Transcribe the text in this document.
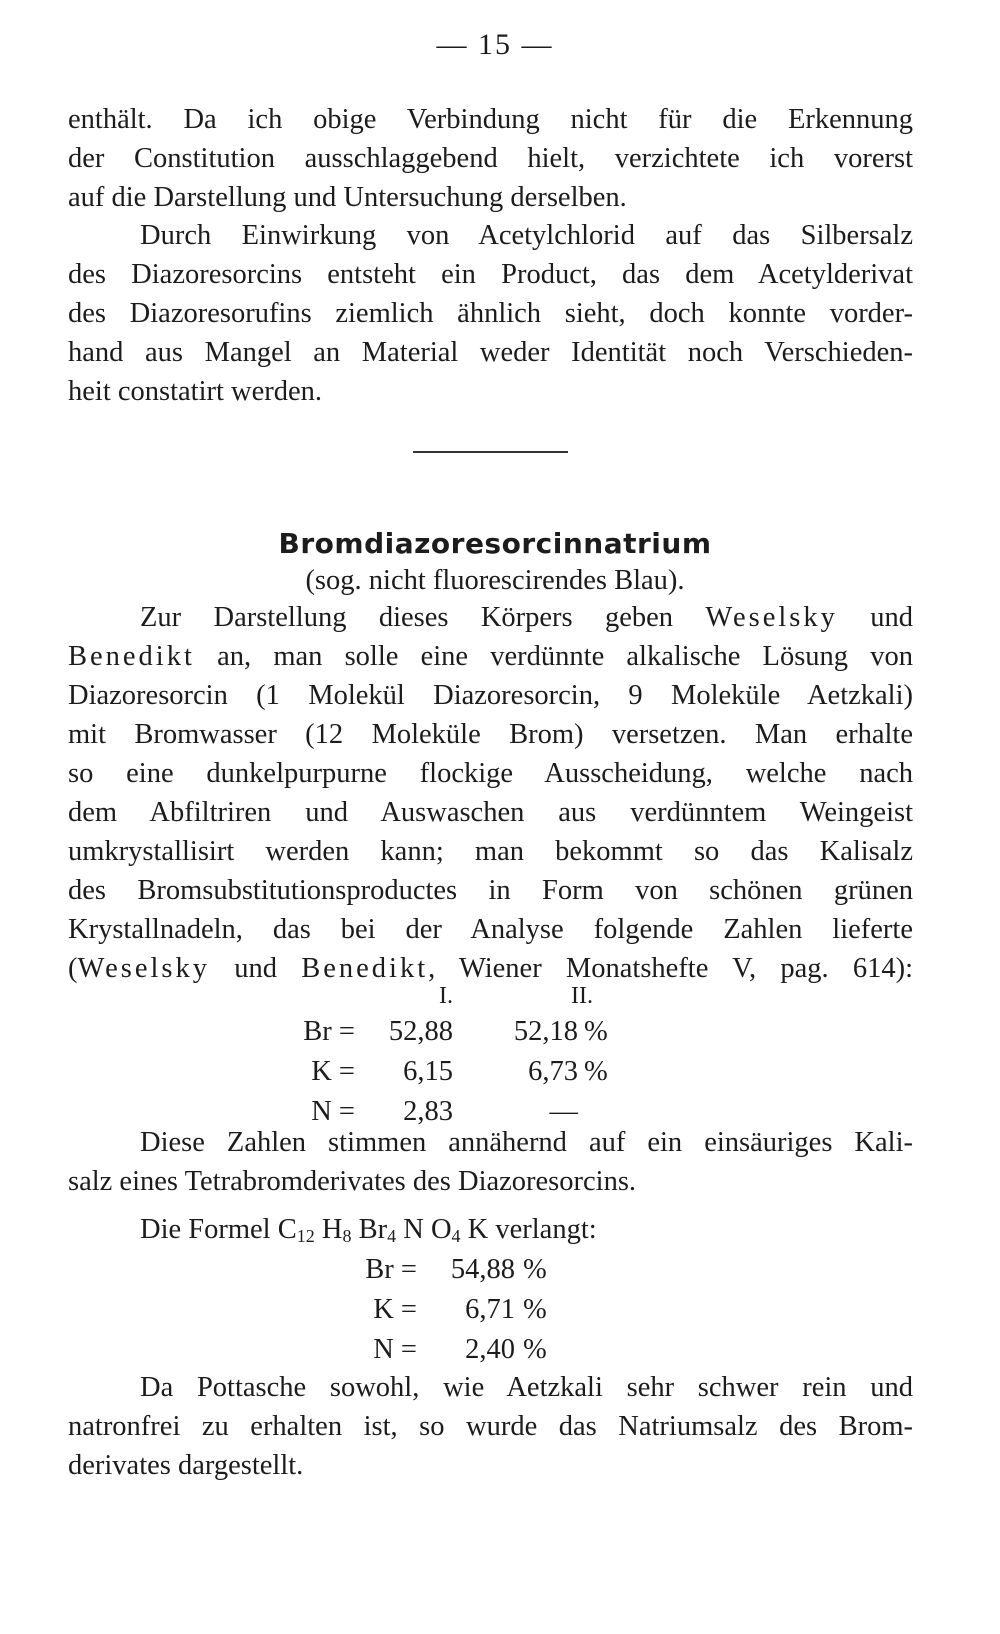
— 15 —
enthält. Da ich obige Verbindung nicht für die Erkennung
der Constitution ausschlaggebend hielt, verzichtete ich vorerst
auf die Darstellung und Untersuchung derselben.
Durch Einwirkung von Acetylchlorid auf das Silbersalz
des Diazoresorcins entsteht ein Product, das dem Acetylderivat
des Diazoresorufins ziemlich ähnlich sieht, doch konnte vorder-
hand aus Mangel an Material weder Identität noch Verschieden-
heit constatirt werden.
Bromdiazoresorcinnatrium
(sog. nicht fluorescirendes Blau).
Zur Darstellung dieses Körpers geben Weselsky und
Benedikt an, man solle eine verdünnte alkalische Lösung von
Diazoresorcin (1 Molekül Diazoresorcin, 9 Moleküle Aetzkali)
mit Bromwasser (12 Moleküle Brom) versetzen. Man erhalte
so eine dunkelpurpurne flockige Ausscheidung, welche nach
dem Abfiltriren und Auswaschen aus verdünntem Weingeist
umkrystallisirt werden kann; man bekommt so das Kalisalz
des Bromsubstitutionsproductes in Form von schönen grünen
Krystallnadeln, das bei der Analyse folgende Zahlen lieferte
(Weselsky und Benedikt, Wiener Monatshefte V, pag. 614):
I.	II.
Br =	52,88	52,18 %
K =	6,15	6,73 %
N =	2,83	—
Diese Zahlen stimmen annähernd auf ein einsäuriges Kali-
salz eines Tetrabromderivates des Diazoresorcins.
Die Formel $C_{12}$ $H_8$ $Br_4$ N $O_4$ K verlangt:
Br =	54,88 %
K =	6,71 %
N =	2,40 %
Da Pottasche sowohl, wie Aetzkali sehr schwer rein und
natronfrei zu erhalten ist, so wurde das Natriumsalz des Brom-
derivates dargestellt.
